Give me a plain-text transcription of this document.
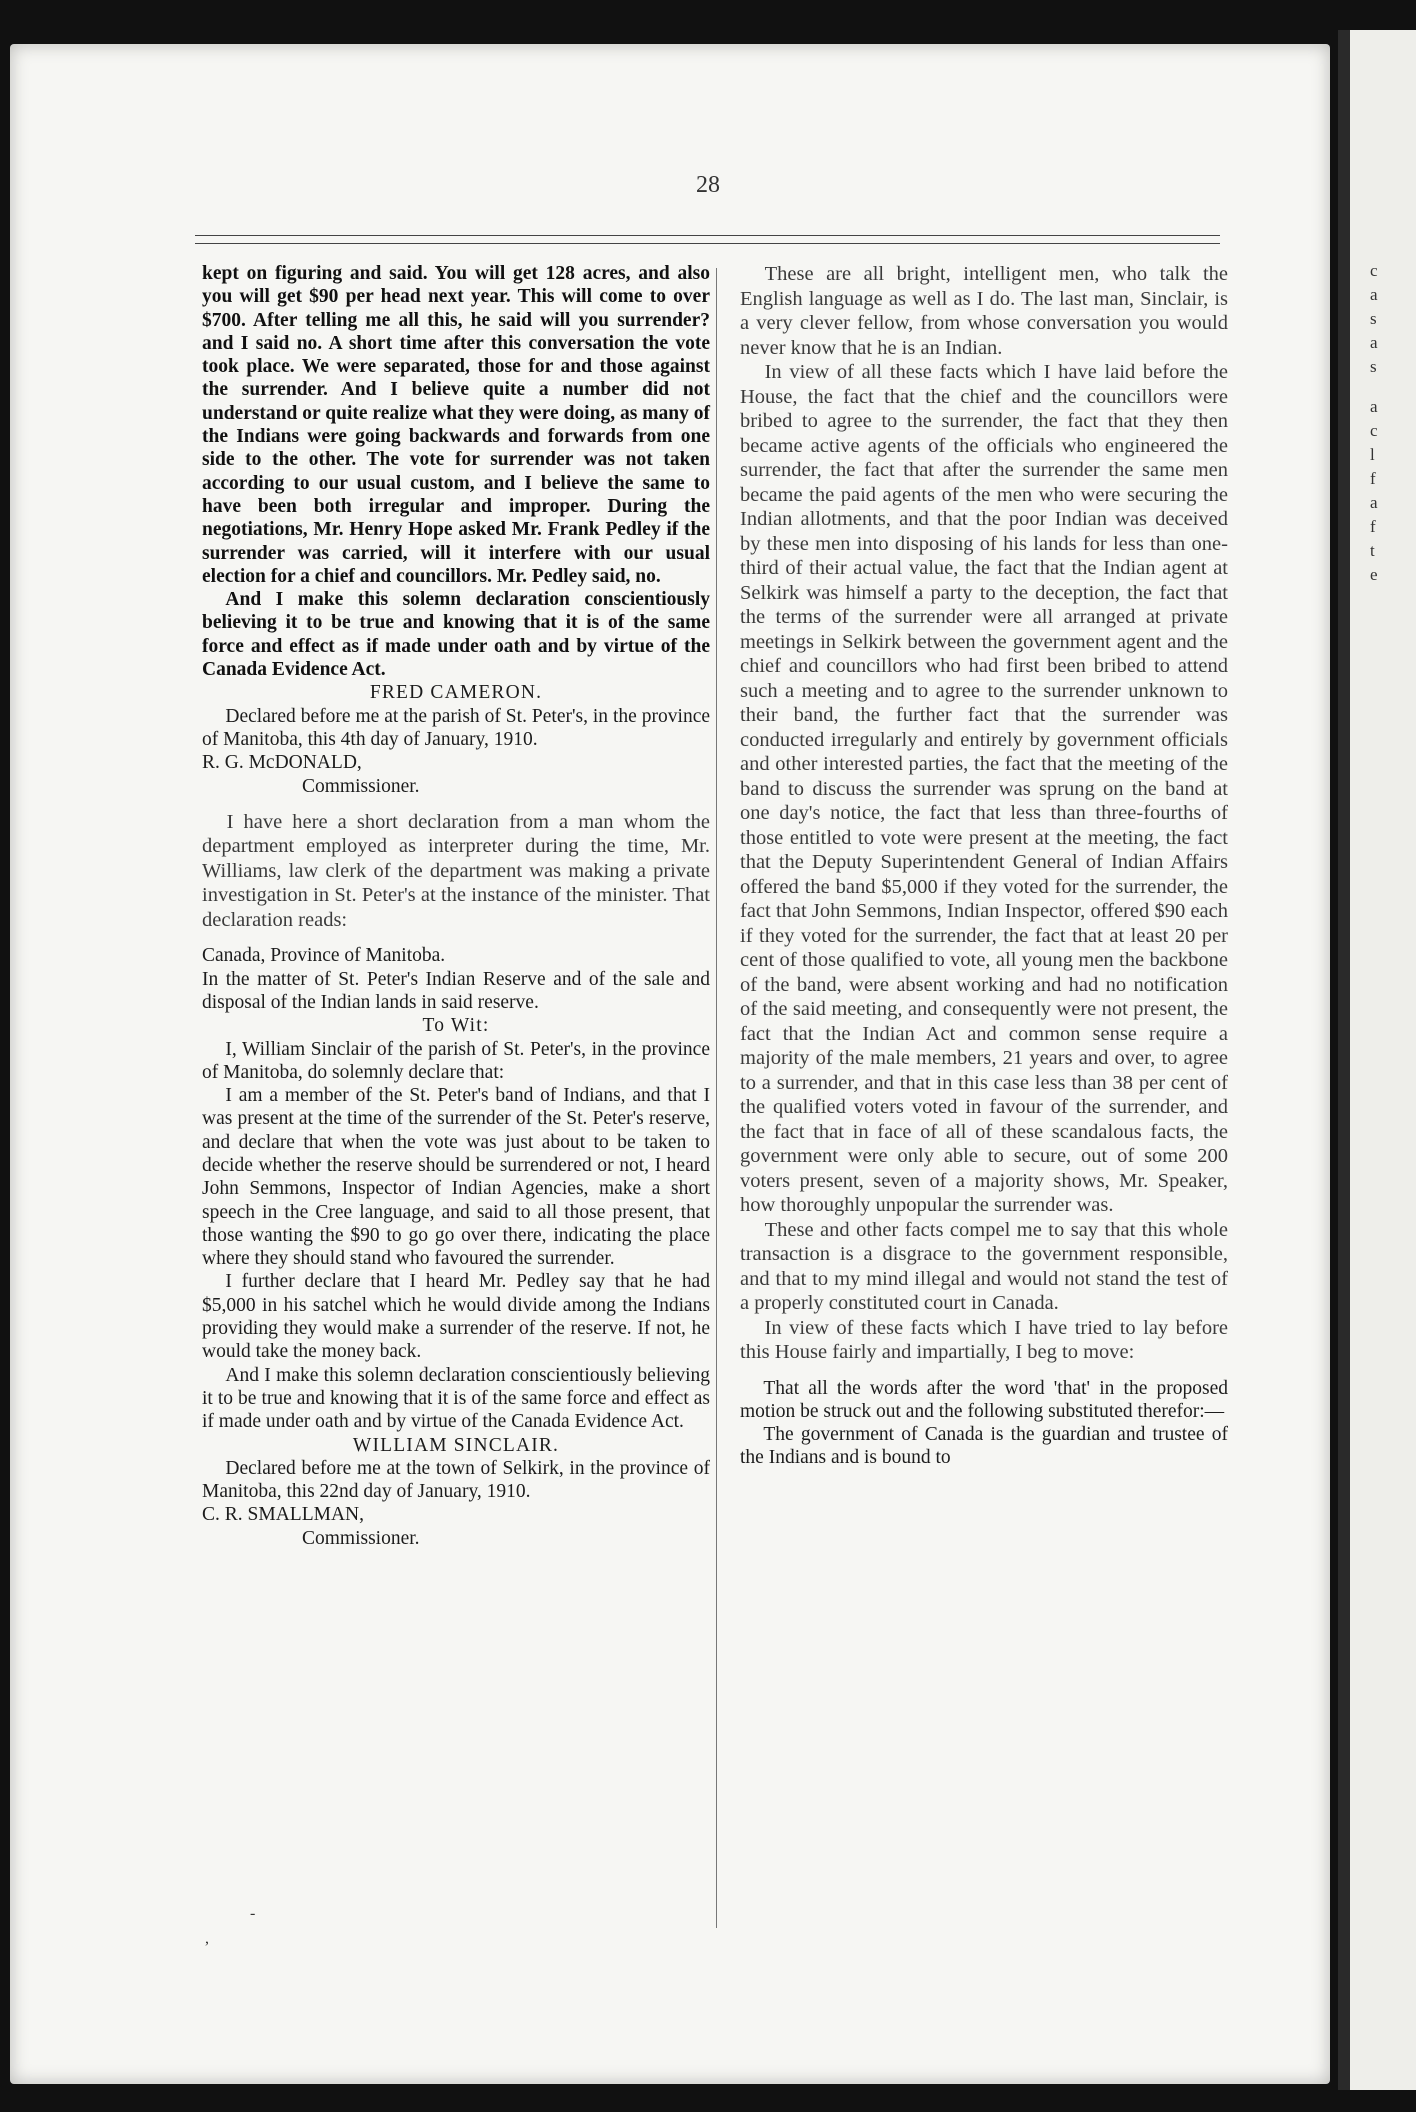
c
a
s
a
s
a
c
l
f
a
f
t
e
28

kept on figuring and said. You will get 128 acres, and also you will get $90 per head next year. This will come to over $700. After telling me all this, he said will you surrender? and I said no. A short time after this conversation the vote took place. We were separated, those for and those against the surrender. And I believe quite a number did not understand or quite realize what they were doing, as many of the Indians were going backwards and forwards from one side to the other. The vote for surrender was not taken according to our usual custom, and I believe the same to have been both irregular and improper. During the negotiations, Mr. Henry Hope asked Mr. Frank Pedley if the surrender was carried, will it interfere with our usual election for a chief and councillors. Mr. Pedley said, no.

And I make this solemn declaration conscientiously believing it to be true and knowing that it is of the same force and effect as if made under oath and by virtue of the Canada Evidence Act.

FRED CAMERON.

Declared before me at the parish of St. Peter's, in the province of Manitoba, this 4th day of January, 1910.

R. G. McDONALD,

Commissioner.

I have here a short declaration from a man whom the department employed as interpreter during the time, Mr. Williams, law clerk of the department was making a private investigation in St. Peter's at the instance of the minister. That declaration reads:

Canada, Province of Manitoba.

In the matter of St. Peter's Indian Reserve and of the sale and disposal of the Indian lands in said reserve.

To Wit:

I, William Sinclair of the parish of St. Peter's, in the province of Manitoba, do solemnly declare that:

I am a member of the St. Peter's band of Indians, and that I was present at the time of the surrender of the St. Peter's reserve, and declare that when the vote was just about to be taken to decide whether the reserve should be surrendered or not, I heard John Semmons, Inspector of Indian Agencies, make a short speech in the Cree language, and said to all those present, that those wanting the $90 to go go over there, indicating the place where they should stand who favoured the surrender.

I further declare that I heard Mr. Pedley say that he had $5,000 in his satchel which he would divide among the Indians providing they would make a surrender of the reserve. If not, he would take the money back.

And I make this solemn declaration conscientiously believing it to be true and knowing that it is of the same force and effect as if made under oath and by virtue of the Canada Evidence Act.

WILLIAM SINCLAIR.

Declared before me at the town of Selkirk, in the province of Manitoba, this 22nd day of January, 1910.

C. R. SMALLMAN,

Commissioner.

These are all bright, intelligent men, who talk the English language as well as I do. The last man, Sinclair, is a very clever fellow, from whose conversation you would never know that he is an Indian.

In view of all these facts which I have laid before the House, the fact that the chief and the councillors were bribed to agree to the surrender, the fact that they then became active agents of the officials who engineered the surrender, the fact that after the surrender the same men became the paid agents of the men who were securing the Indian allotments, and that the poor Indian was deceived by these men into disposing of his lands for less than one-third of their actual value, the fact that the Indian agent at Selkirk was himself a party to the deception, the fact that the terms of the surrender were all arranged at private meetings in Selkirk between the government agent and the chief and councillors who had first been bribed to attend such a meeting and to agree to the surrender unknown to their band, the further fact that the surrender was conducted irregularly and entirely by government officials and other interested parties, the fact that the meeting of the band to discuss the surrender was sprung on the band at one day's notice, the fact that less than three-fourths of those entitled to vote were present at the meeting, the fact that the Deputy Superintendent General of Indian Affairs offered the band $5,000 if they voted for the surrender, the fact that John Semmons, Indian Inspector, offered $90 each if they voted for the surrender, the fact that at least 20 per cent of those qualified to vote, all young men the backbone of the band, were absent working and had no notification of the said meeting, and consequently were not present, the fact that the Indian Act and common sense require a majority of the male members, 21 years and over, to agree to a surrender, and that in this case less than 38 per cent of the qualified voters voted in favour of the surrender, and the fact that in face of all of these scandalous facts, the government were only able to secure, out of some 200 voters present, seven of a majority shows, Mr. Speaker, how thoroughly unpopular the surrender was.

These and other facts compel me to say that this whole transaction is a disgrace to the government responsible, and that to my mind illegal and would not stand the test of a properly constituted court in Canada.

In view of these facts which I have tried to lay before this House fairly and impartially, I beg to move:

That all the words after the word 'that' in the proposed motion be struck out and the following substituted therefor:—

The government of Canada is the guardian and trustee of the Indians and is bound to

,
-
